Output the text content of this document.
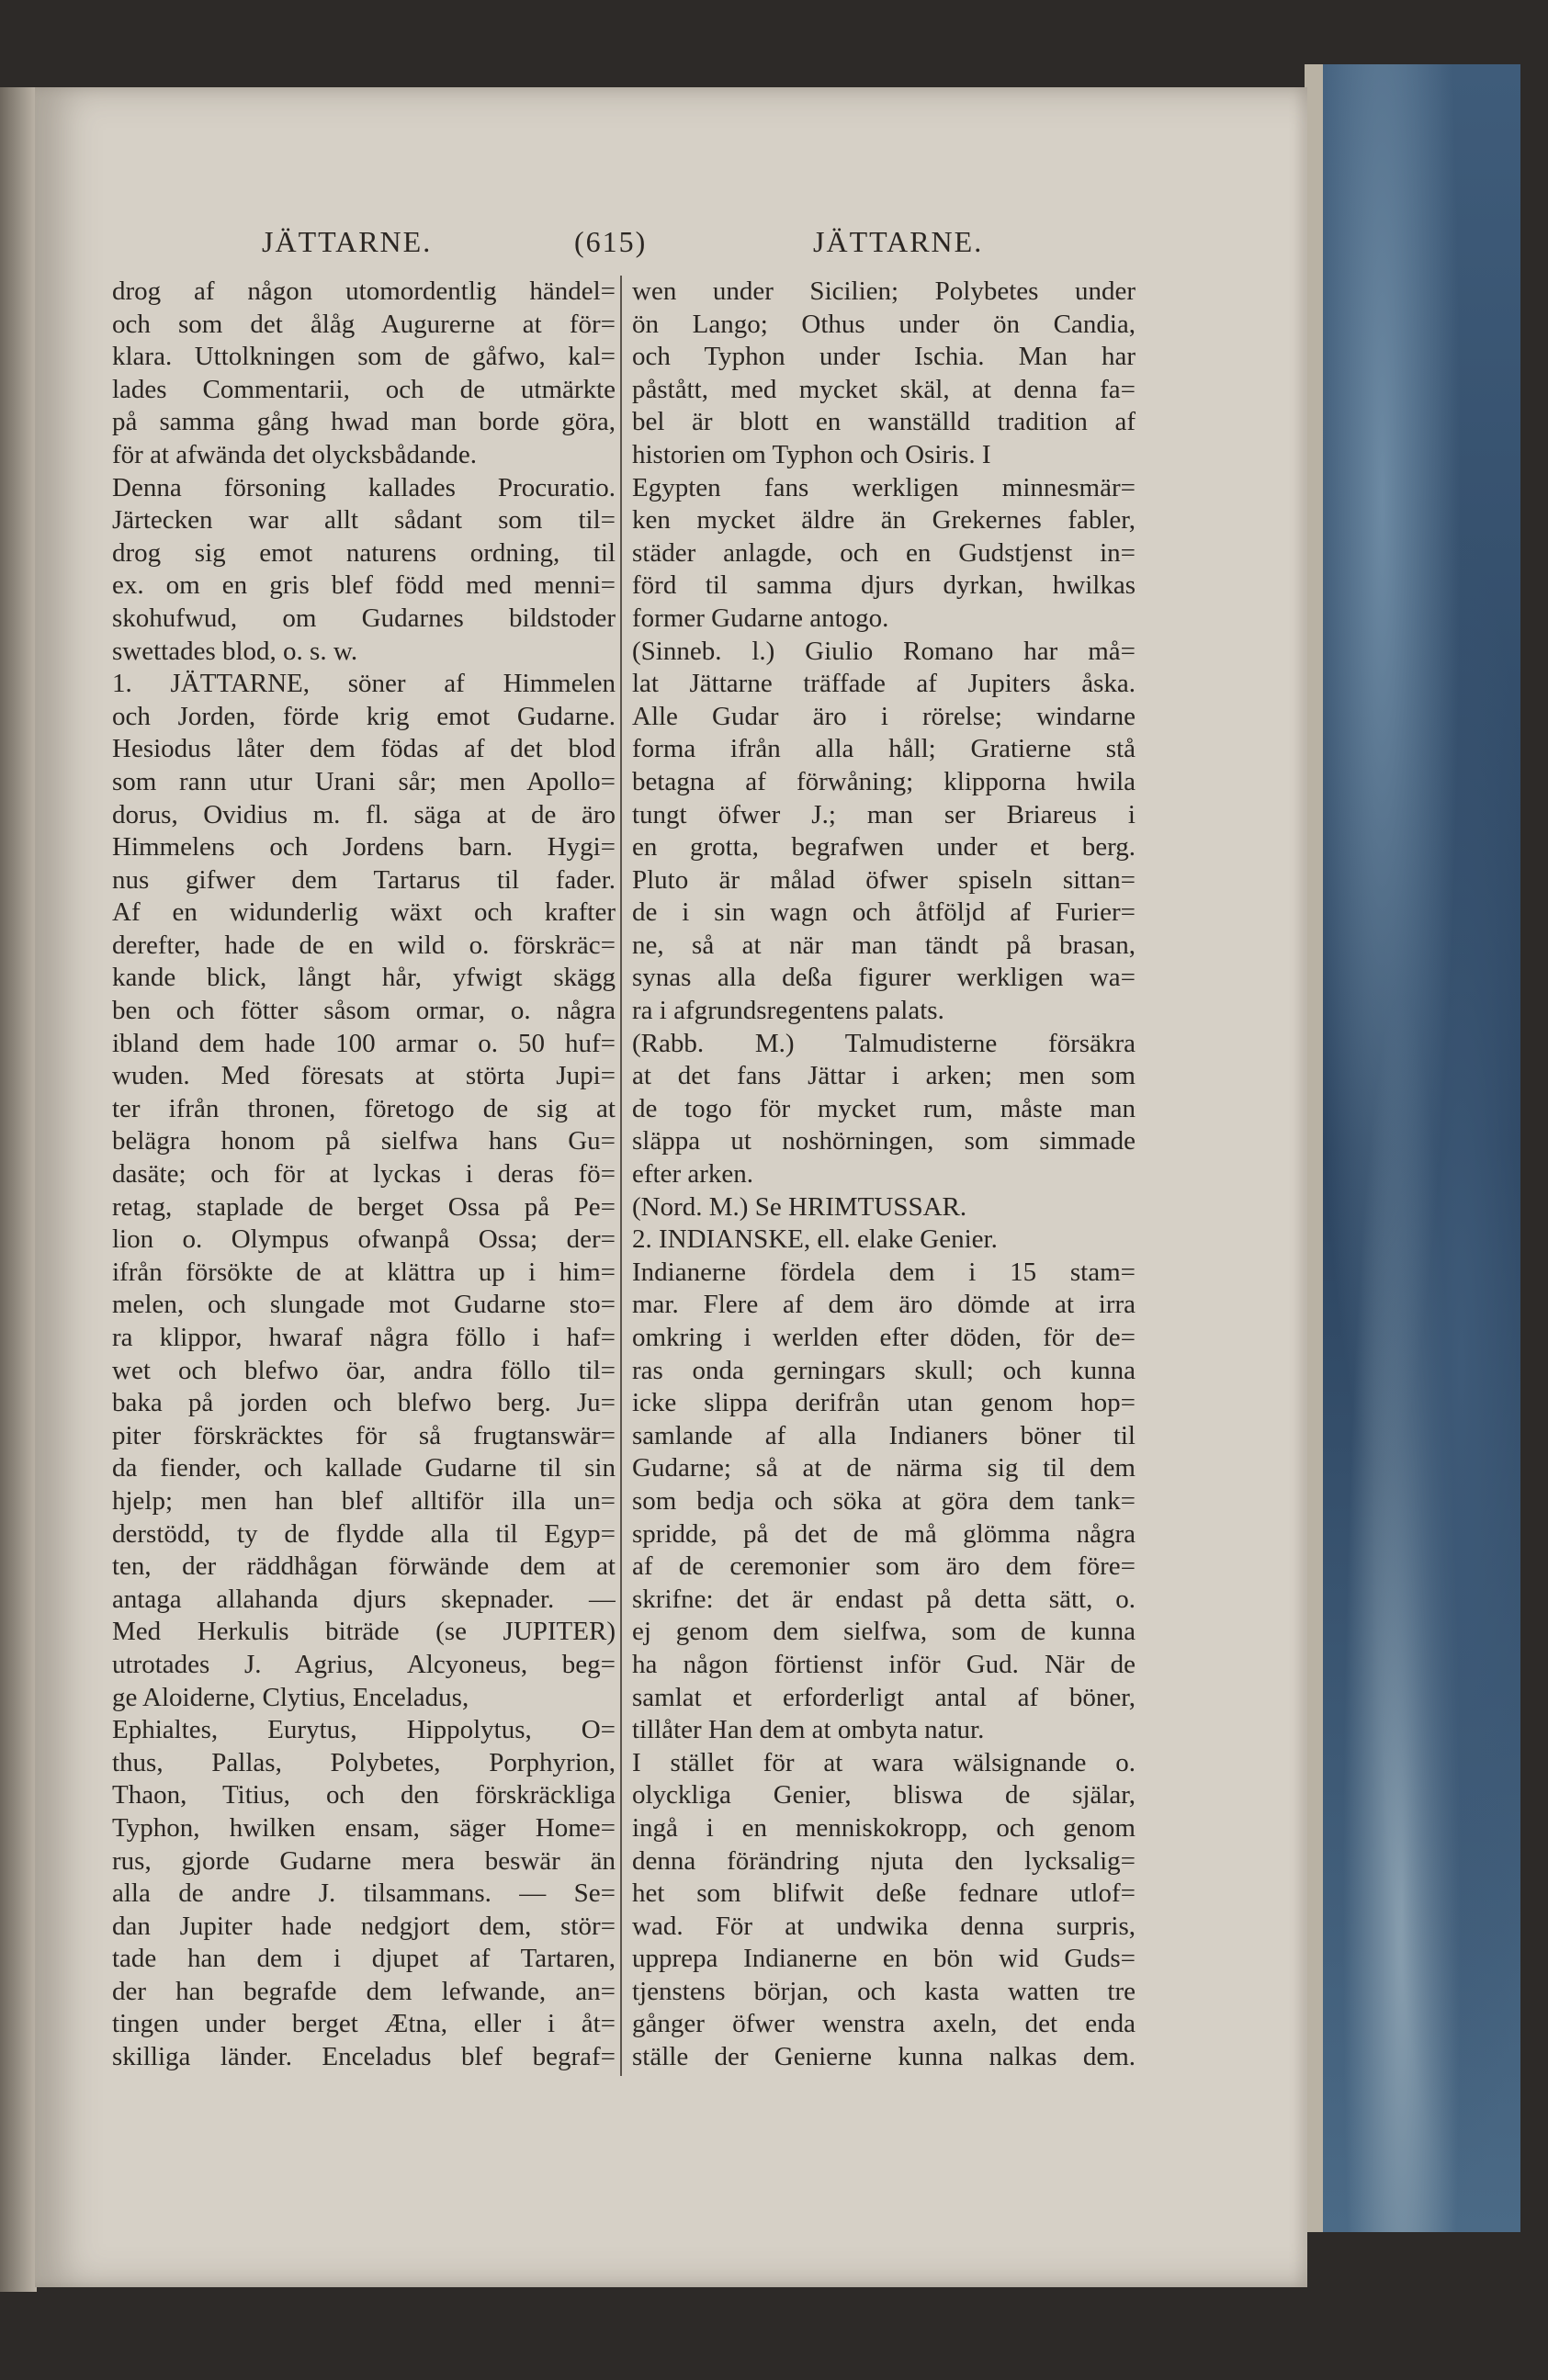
JÄTTARNE.	(615)	JÄTTARNE.
drog af någon utomordentlig händel=
och som det ålåg Augurerne at för=
klara. Uttolkningen som de gåfwo, kal=
lades Commentarii, och de utmärkte
på samma gång hwad man borde göra,
för at afwända det olycksbådande.
Denna försoning kallades Procuratio.
Järtecken war allt sådant som til=
drog sig emot naturens ordning, til
ex. om en gris blef född med menni=
skohufwud, om Gudarnes bildstoder
swettades blod, o. s. w.
1. JÄTTARNE, söner af Himmelen
och Jorden, förde krig emot Gudarne.
Hesiodus låter dem födas af det blod
som rann utur Urani sår; men Apollo=
dorus, Ovidius m. fl. säga at de äro
Himmelens och Jordens barn. Hygi=
nus gifwer dem Tartarus til fader.
Af en widunderlig wäxt och krafter
derefter, hade de en wild o. förskräc=
kande blick, långt hår, yfwigt skägg
ben och fötter såsom ormar, o. några
ibland dem hade 100 armar o. 50 huf=
wuden. Med föresats at störta Jupi=
ter ifrån thronen, företogo de sig at
belägra honom på sielfwa hans Gu=
dasäte; och för at lyckas i deras fö=
retag, staplade de berget Ossa på Pe=
lion o. Olympus ofwanpå Ossa; der=
ifrån försökte de at klättra up i him=
melen, och slungade mot Gudarne sto=
ra klippor, hwaraf några föllo i haf=
wet och blefwo öar, andra föllo til=
baka på jorden och blefwo berg. Ju=
piter förskräcktes för så frugtanswär=
da fiender, och kallade Gudarne til sin
hjelp; men han blef alltiför illa un=
derstödd, ty de flydde alla til Egyp=
ten, der räddhågan förwände dem at
antaga allahanda djurs skepnader. —
Med Herkulis biträde (se JUPITER)
utrotades J. Agrius, Alcyoneus, beg=
ge Aloiderne, Clytius, Enceladus,
Ephialtes, Eurytus, Hippolytus, O=
thus, Pallas, Polybetes, Porphyrion,
Thaon, Titius, och den förskräckliga
Typhon, hwilken ensam, säger Home=
rus, gjorde Gudarne mera beswär än
alla de andre J. tilsammans. — Se=
dan Jupiter hade nedgjort dem, stör=
tade han dem i djupet af Tartaren,
der han begrafde dem lefwande, an=
tingen under berget Ætna, eller i åt=
skilliga länder. Enceladus blef begraf=
wen under Sicilien; Polybetes under
ön Lango; Othus under ön Candia,
och Typhon under Ischia. Man har
påstått, med mycket skäl, at denna fa=
bel är blott en wanställd tradition af
historien om Typhon och Osiris. I
Egypten fans werkligen minnesmär=
ken mycket äldre än Grekernes fabler,
städer anlagde, och en Gudstjenst in=
förd til samma djurs dyrkan, hwilkas
former Gudarne antogo.
(Sinneb. l.) Giulio Romano har må=
lat Jättarne träffade af Jupiters åska.
Alle Gudar äro i rörelse; windarne
forma ifrån alla håll; Gratierne stå
betagna af förwåning; klipporna hwila
tungt öfwer J.; man ser Briareus i
en grotta, begrafwen under et berg.
Pluto är målad öfwer spiseln sittan=
de i sin wagn och åtföljd af Furier=
ne, så at när man tändt på brasan,
synas alla deßa figurer werkligen wa=
ra i afgrundsregentens palats.
(Rabb. M.) Talmudisterne försäkra
at det fans Jättar i arken; men som
de togo för mycket rum, måste man
släppa ut noshörningen, som simmade
efter arken.
(Nord. M.) Se HRIMTUSSAR.
2. INDIANSKE, ell. elake Genier.
Indianerne fördela dem i 15 stam=
mar. Flere af dem äro dömde at irra
omkring i werlden efter döden, för de=
ras onda gerningars skull; och kunna
icke slippa derifrån utan genom hop=
samlande af alla Indianers böner til
Gudarne; så at de närma sig til dem
som bedja och söka at göra dem tank=
spridde, på det de må glömma några
af de ceremonier som äro dem före=
skrifne: det är endast på detta sätt, o.
ej genom dem sielfwa, som de kunna
ha någon förtienst inför Gud. När de
samlat et erforderligt antal af böner,
tillåter Han dem at ombyta natur.
I stället för at wara wälsignande o.
olyckliga Genier, bliswa de själar,
ingå i en menniskokropp, och genom
denna förändring njuta den lycksalig=
het som blifwit deße fednare utlof=
wad. För at undwika denna surpris,
upprepa Indianerne en bön wid Guds=
tjenstens början, och kasta watten tre
gånger öfwer wenstra axeln, det enda
ställe der Genierne kunna nalkas dem.
